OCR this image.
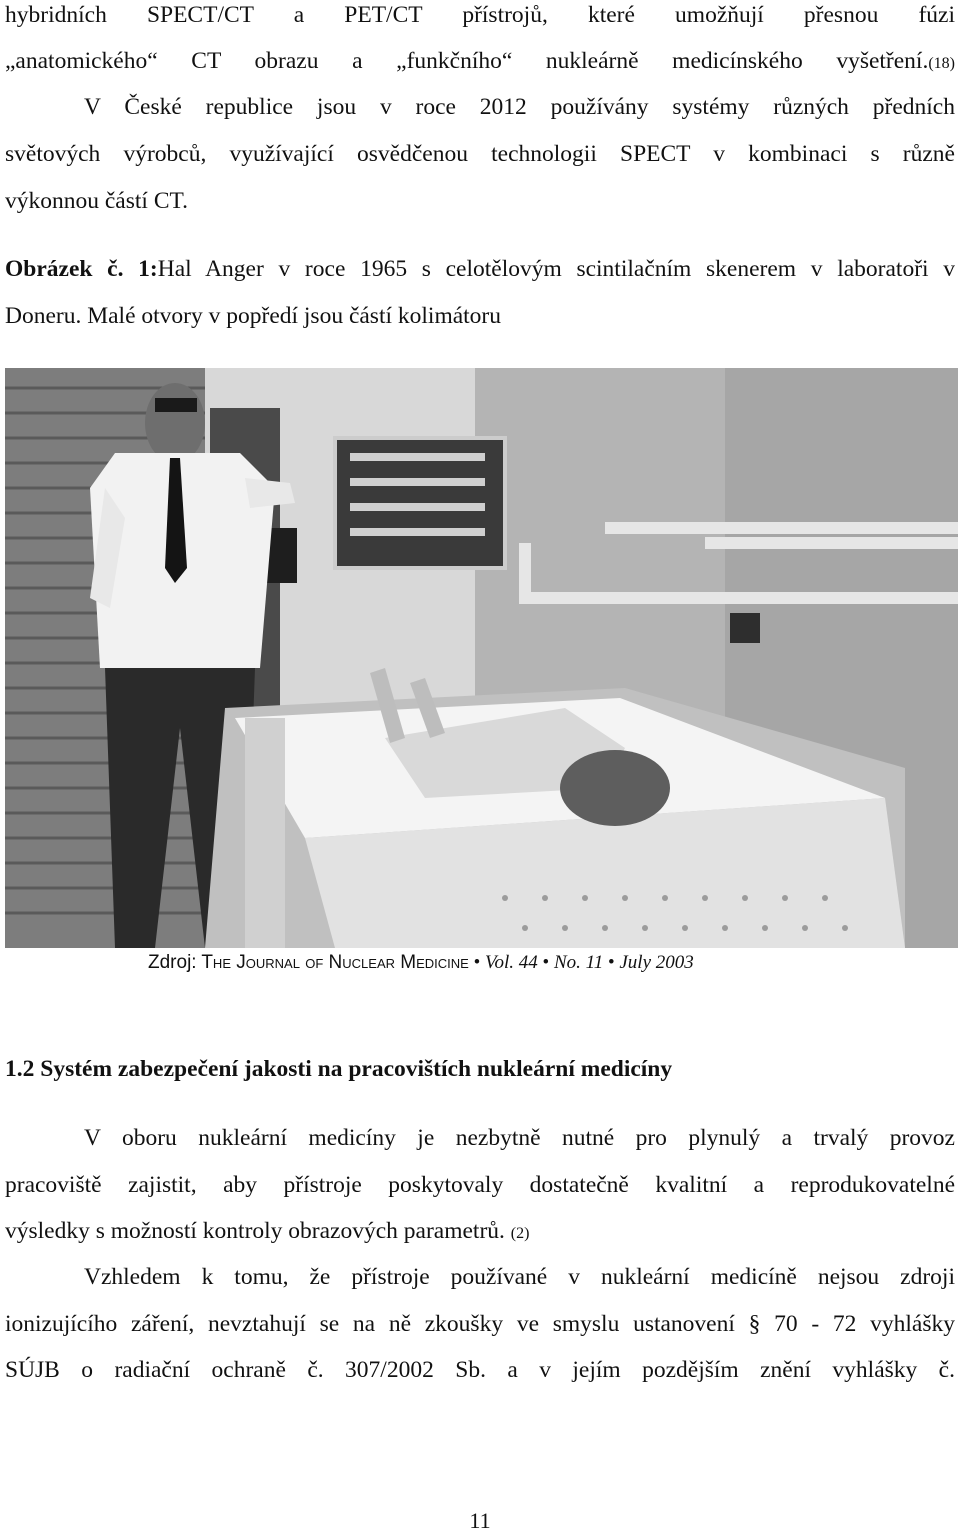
hybridních SPECT/CT a PET/CT přístrojů, které umožňují přesnou fúzi
„anatomického“ CT obrazu a „funkčního“ nukleárně medicínského vyšetření.(18)
V České republice jsou v roce 2012 používány systémy různých předních
světových výrobců, využívající osvědčenou technologii SPECT v kombinaci s různě
výkonnou částí CT.
Obrázek č. 1:Hal Anger v roce 1965 s celotělovým scintilačním skenerem v laboratoři v
Doneru. Malé otvory v popředí jsou částí kolimátoru
Zdroj: The Journal of Nuclear Medicine • Vol. 44 • No. 11 • July 2003
1.2 Systém zabezpečení jakosti na pracovištích nukleární medicíny
V oboru nukleární medicíny je nezbytně nutné pro plynulý a trvalý provoz
pracoviště zajistit, aby přístroje poskytovaly dostatečně kvalitní a reprodukovatelné
výsledky s možností kontroly obrazových parametrů. (2)
Vzhledem k tomu, že přístroje používané v nukleární medicíně nejsou zdroji
ionizujícího záření, nevztahují se na ně zkoušky ve smyslu ustanovení § 70 - 72 vyhlášky
SÚJB o radiační ochraně č. 307/2002 Sb. a v jejím pozdějším znění vyhlášky č.
11
